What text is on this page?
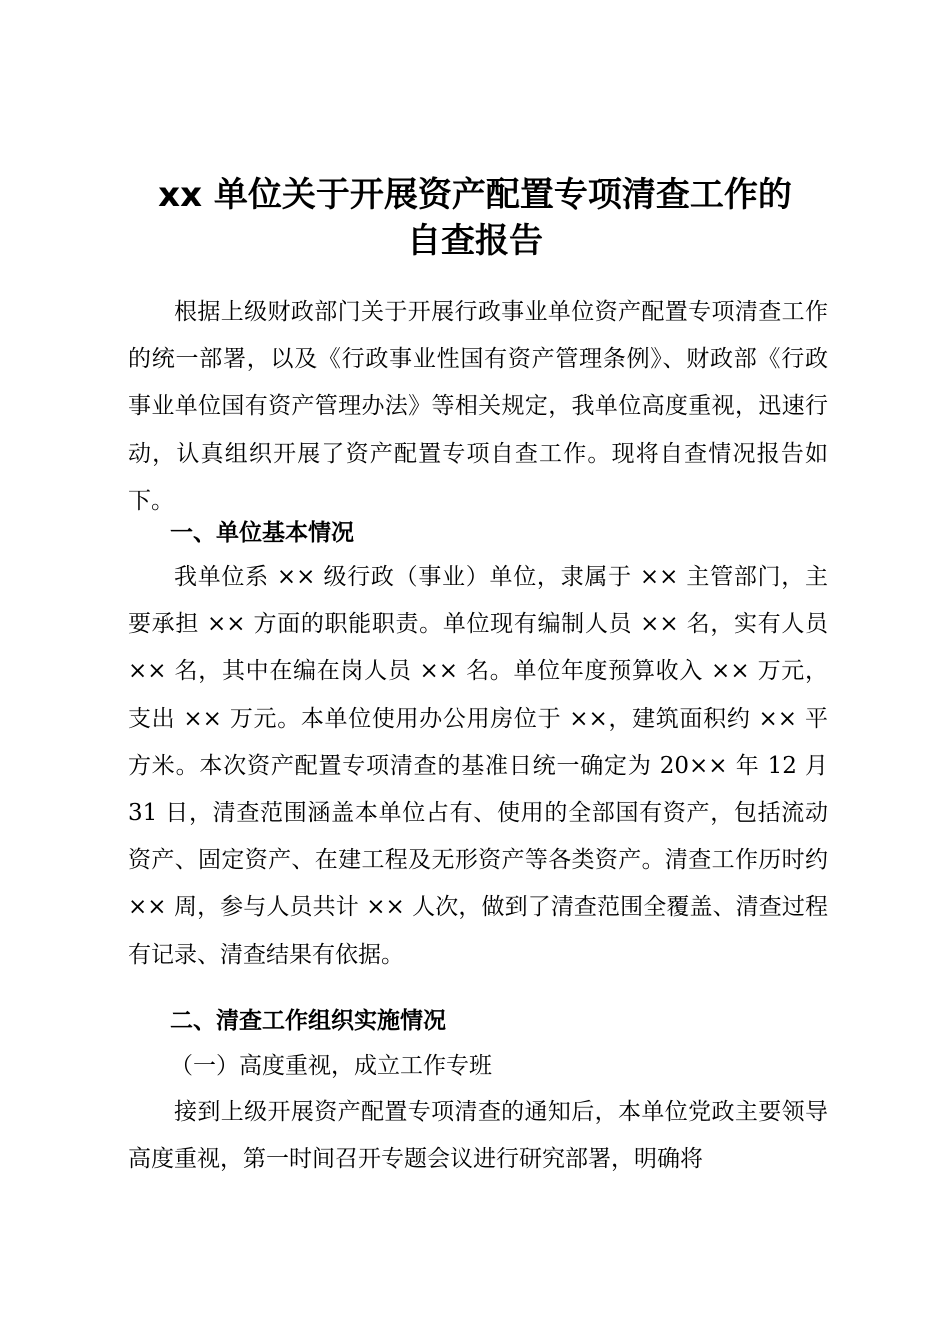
xx 单位关于开展资产配置专项清查工作的
自查报告

根据上级财政部门关于开展行政事业单位资产配置专项清查工作的统一部署，以及《行政事业性国有资产管理条例》、财政部《行政事业单位国有资产管理办法》等相关规定，我单位高度重视，迅速行动，认真组织开展了资产配置专项自查工作。现将自查情况报告如下。

一、单位基本情况

我单位系 ×× 级行政（事业）单位，隶属于 ×× 主管部门，主要承担 ×× 方面的职能职责。单位现有编制人员 ×× 名，实有人员 ×× 名，其中在编在岗人员 ×× 名。单位年度预算收入 ×× 万元，支出 ×× 万元。本单位使用办公用房位于 ××，建筑面积约 ×× 平方米。本次资产配置专项清查的基准日统一确定为 20×× 年 12 月 31 日，清查范围涵盖本单位占有、使用的全部国有资产，包括流动资产、固定资产、在建工程及无形资产等各类资产。清查工作历时约 ×× 周，参与人员共计 ×× 人次，做到了清查范围全覆盖、清查过程有记录、清查结果有依据。

二、清查工作组织实施情况
（一）高度重视，成立工作专班

接到上级开展资产配置专项清查的通知后，本单位党政主要领导高度重视，第一时间召开专题会议进行研究部署，明确将
